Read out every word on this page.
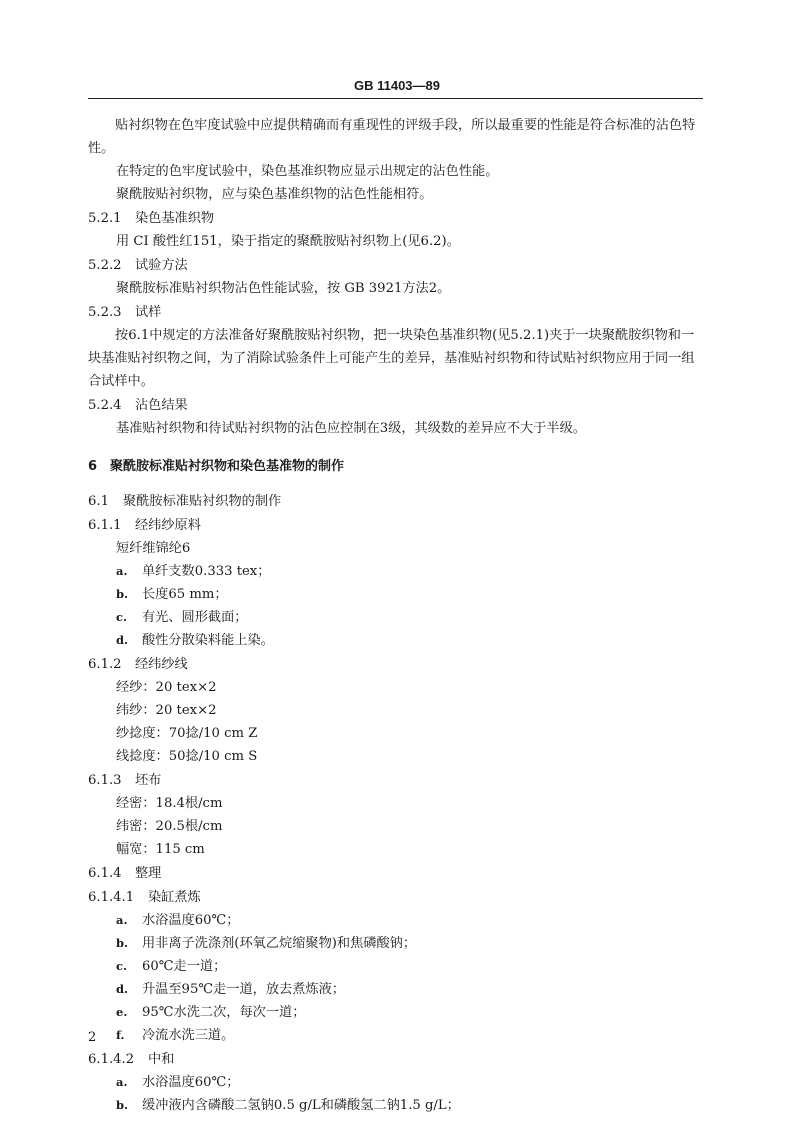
GB 11403—89
贴衬织物在色牢度试验中应提供精确而有重现性的评级手段，所以最重要的性能是符合标准的沾色特性。
在特定的色牢度试验中，染色基准织物应显示出规定的沾色性能。
聚酰胺贴衬织物，应与染色基准织物的沾色性能相符。
5.2.1 染色基准织物
用 CI 酸性红151，染于指定的聚酰胺贴衬织物上(见6.2)。
5.2.2 试验方法
聚酰胺标准贴衬织物沾色性能试验，按 GB 3921方法2。
5.2.3 试样
按6.1中规定的方法准备好聚酰胺贴衬织物，把一块染色基准织物(见5.2.1)夹于一块聚酰胺织物和一块基准贴衬织物之间，为了消除试验条件上可能产生的差异，基准贴衬织物和待试贴衬织物应用于同一组合试样中。
5.2.4 沾色结果
基准贴衬织物和待试贴衬织物的沾色应控制在3级，其级数的差异应不大于半级。
6 聚酰胺标准贴衬织物和染色基准物的制作
6.1 聚酰胺标准贴衬织物的制作
6.1.1 经纬纱原料
短纤维锦纶6
a. 单纤支数0.333 tex；
b. 长度65 mm；
c. 有光、圆形截面；
d. 酸性分散染料能上染。
6.1.2 经纬纱线
经纱：20 tex×2
纬纱：20 tex×2
纱捻度：70捻/10 cm Z
线捻度：50捻/10 cm S
6.1.3 坯布
经密：18.4根/cm
纬密：20.5根/cm
幅宽：115 cm
6.1.4 整理
6.1.4.1 染缸煮炼
a. 水浴温度60℃；
b. 用非离子洗涤剂(环氧乙烷缩聚物)和焦磷酸钠；
c. 60℃走一道；
d. 升温至95℃走一道，放去煮炼液；
e. 95℃水洗二次，每次一道；
f. 冷流水洗三道。
6.1.4.2 中和
a. 水浴温度60℃；
b. 缓冲液内含磷酸二氢钠0.5 g/L和磷酸氢二钠1.5 g/L；
2
